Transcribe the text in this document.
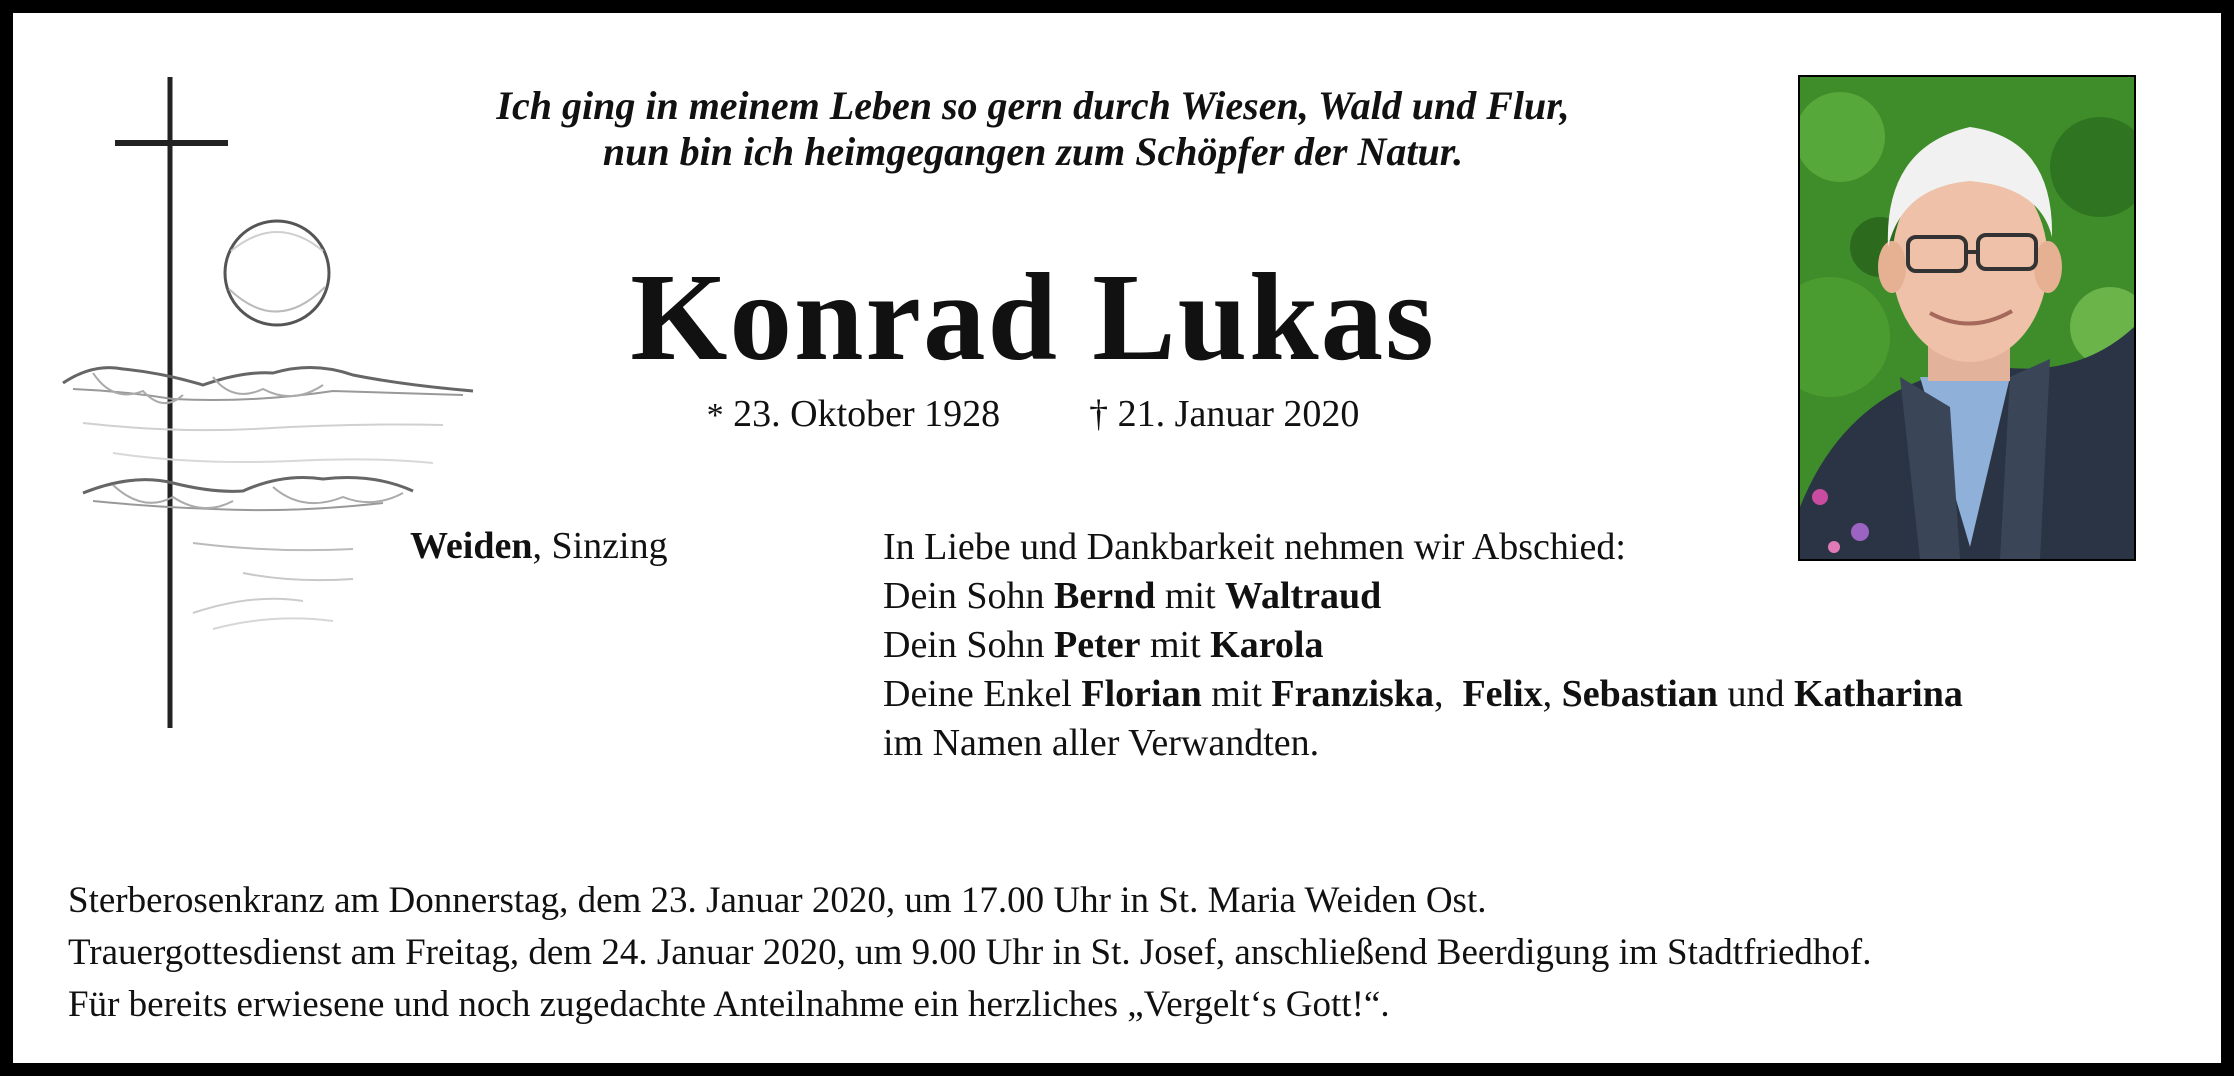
Ich ging in meinem Leben so gern durch Wiesen, Wald und Flur,
nun bin ich heimgegangen zum Schöpfer der Natur.
Konrad Lukas
* 23. Oktober 1928 † 21. Januar 2020
Weiden, Sinzing	In Liebe und Dankbarkeit nehmen wir Abschied:
Dein Sohn Bernd mit Waltraud
Dein Sohn Peter mit Karola
Deine Enkel Florian mit Franziska,  Felix, Sebastian und Katharina
im Namen aller Verwandten.
Sterberosenkranz am Donnerstag, dem 23. Januar 2020, um 17.00 Uhr in St. Maria Weiden Ost.
Trauergottesdienst am Freitag, dem 24. Januar 2020, um 9.00 Uhr in St. Josef, anschließend Beerdigung im Stadtfriedhof.
Für bereits erwiesene und noch zugedachte Anteilnahme ein herzliches „Vergelt‘s Gott!“.
